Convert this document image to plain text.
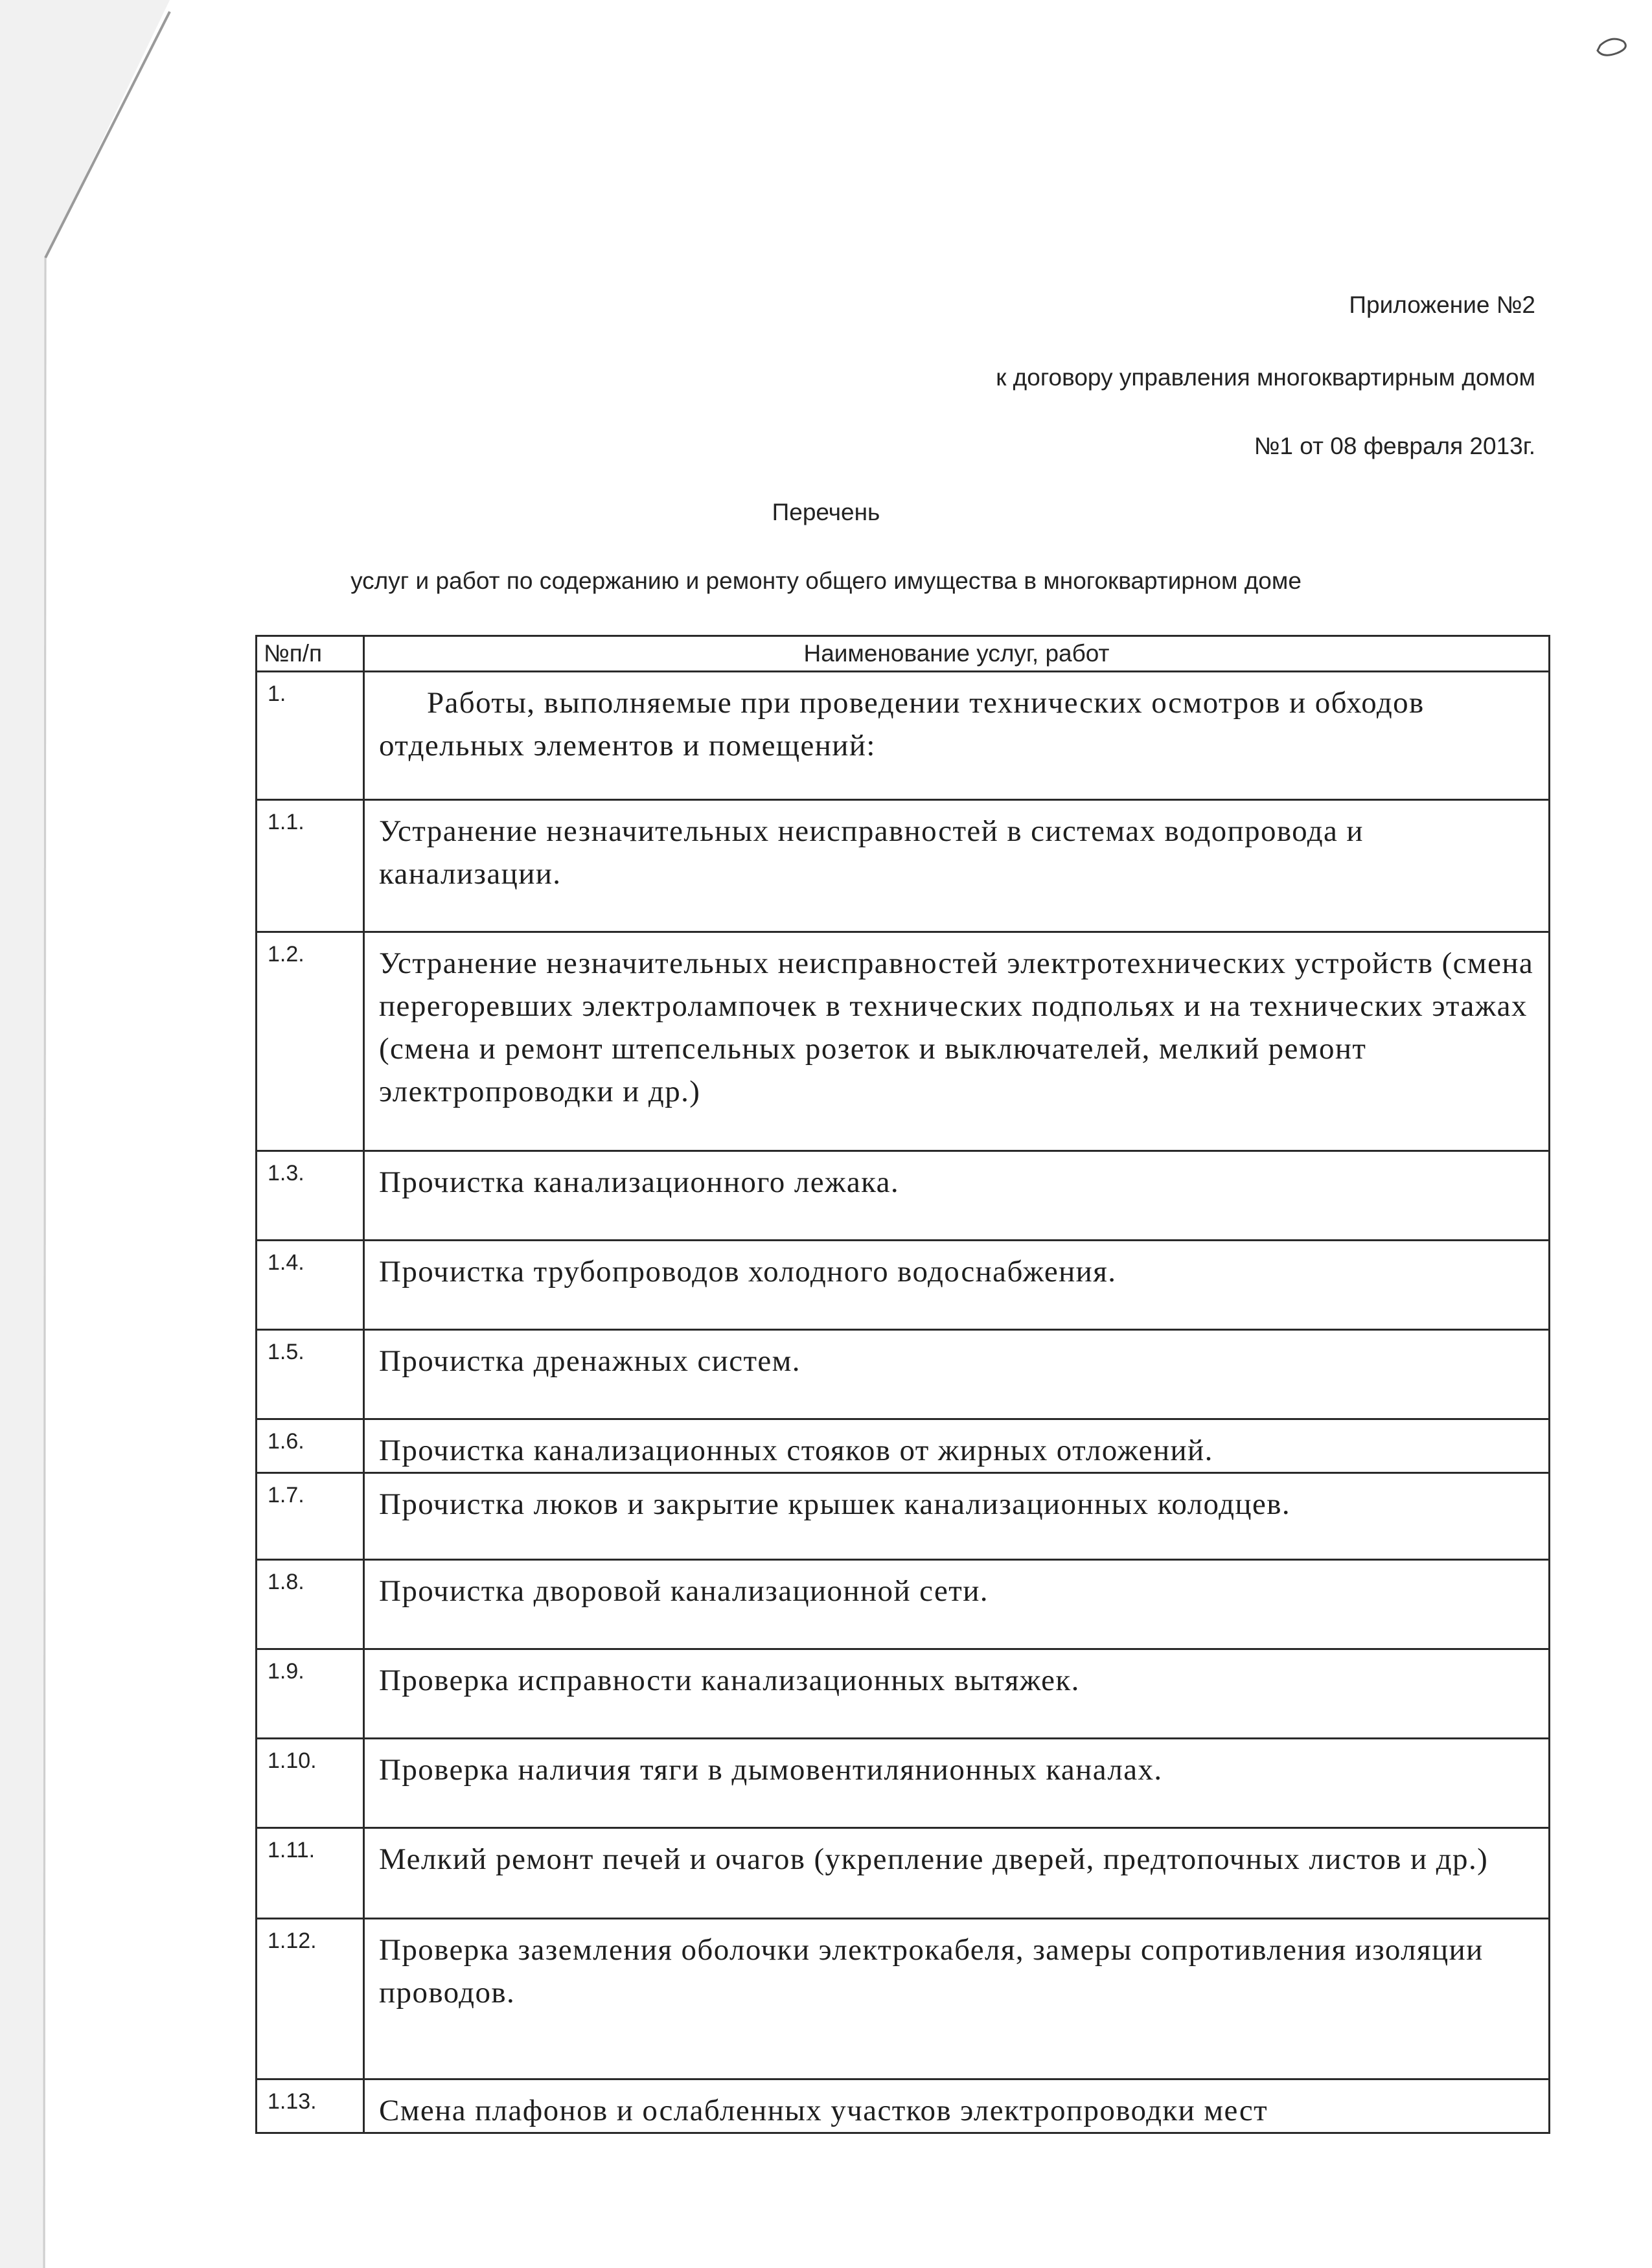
Приложение №2
к договору управления многоквартирным домом
№1 от 08 февраля 2013г.
Перечень
услуг и работ по содержанию и ремонту общего имущества в многоквартирном доме
№п/п	Наименование услуг, работ
1.	Работы, выполняемые при проведении технических осмотров и обходов отдельных элементов и помещений:
1.1.	Устранение незначительных неисправностей в системах водопровода и канализации.
1.2.	Устранение незначительных неисправностей электротехнических устройств (смена перегоревших электролампочек в технических подпольях и на технических этажах (смена и ремонт штепсельных розеток и выключателей, мелкий ремонт электропроводки и др.)
1.3.	Прочистка канализационного лежака.
1.4.	Прочистка трубопроводов холодного водоснабжения.
1.5.	Прочистка дренажных систем.
1.6.	Прочистка канализационных стояков от жирных отложений.
1.7.	Прочистка люков и закрытие крышек канализационных колодцев.
1.8.	Прочистка дворовой канализационной сети.
1.9.	Проверка исправности канализационных вытяжек.
1.10.	Проверка наличия тяги в дымовентилянионных каналах.
1.11.	Мелкий ремонт печей и очагов (укрепление дверей, предтопочных листов и др.)
1.12.	Проверка заземления оболочки электрокабеля, замеры сопротивления изоляции проводов.
1.13.	Смена плафонов и ослабленных участков электропроводки мест
